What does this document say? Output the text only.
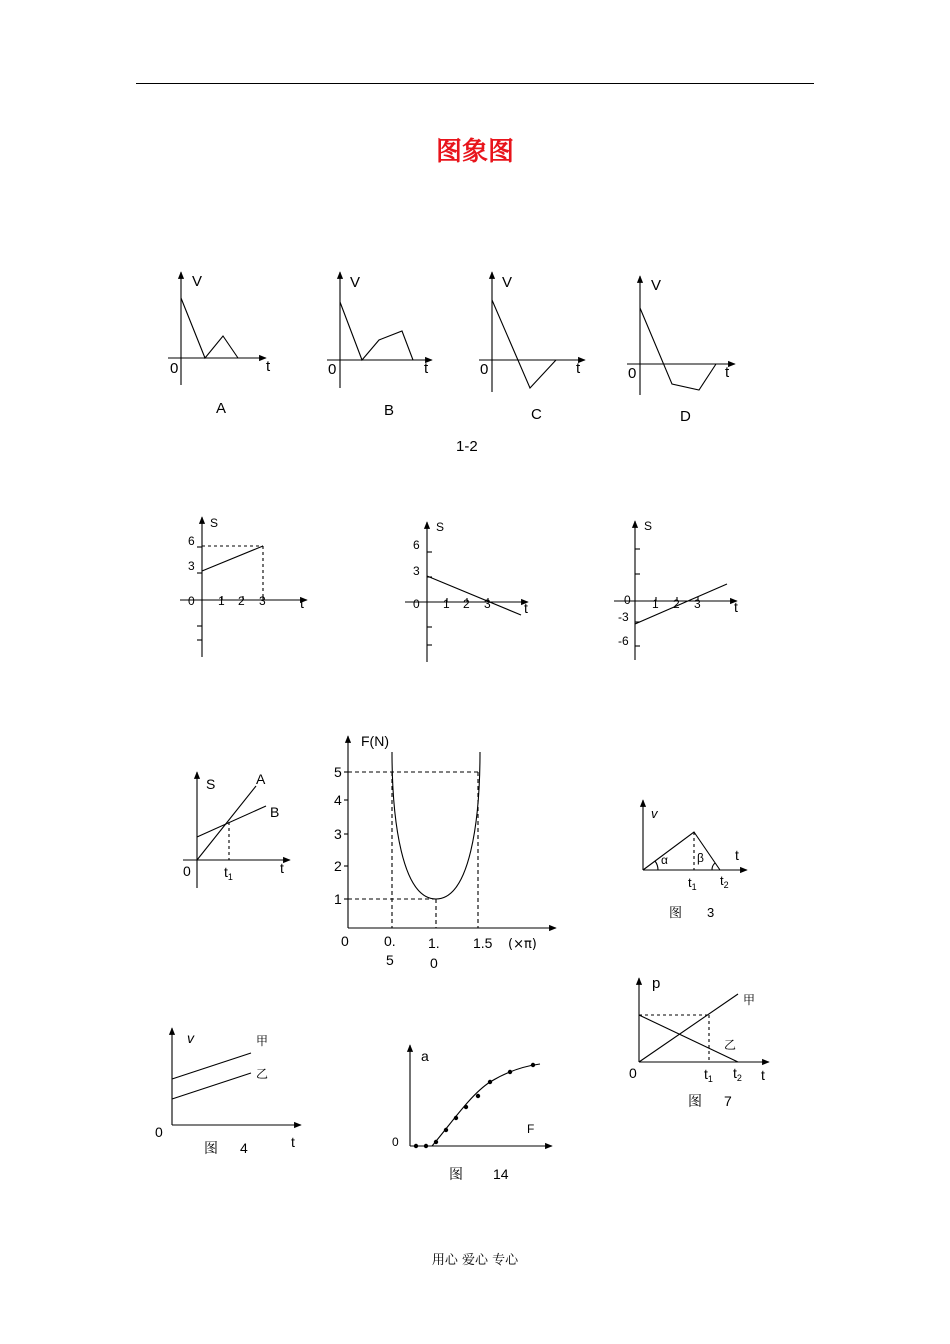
图象图
V
t
0
A
V
t
0
B
V
t
0
C
V
t
0
D
1-2
S
6
3
0 1 2 3 t
S
6
3
0 1 2 3 t
S
0
-3
-6
1 2 3 t
S	A
B
0	t
$t_1$
F(N)
5
4
3
2
1
0	0.
5
1.
0
1.5 (×π)
v
t
α β
$t_1$ $t_2$
图 3
v	甲
乙
0
t
图 4
a
0
F
图 14
p
甲
乙
0	$t_1$ $t_2$ t
图 7
用心 爱心 专心
